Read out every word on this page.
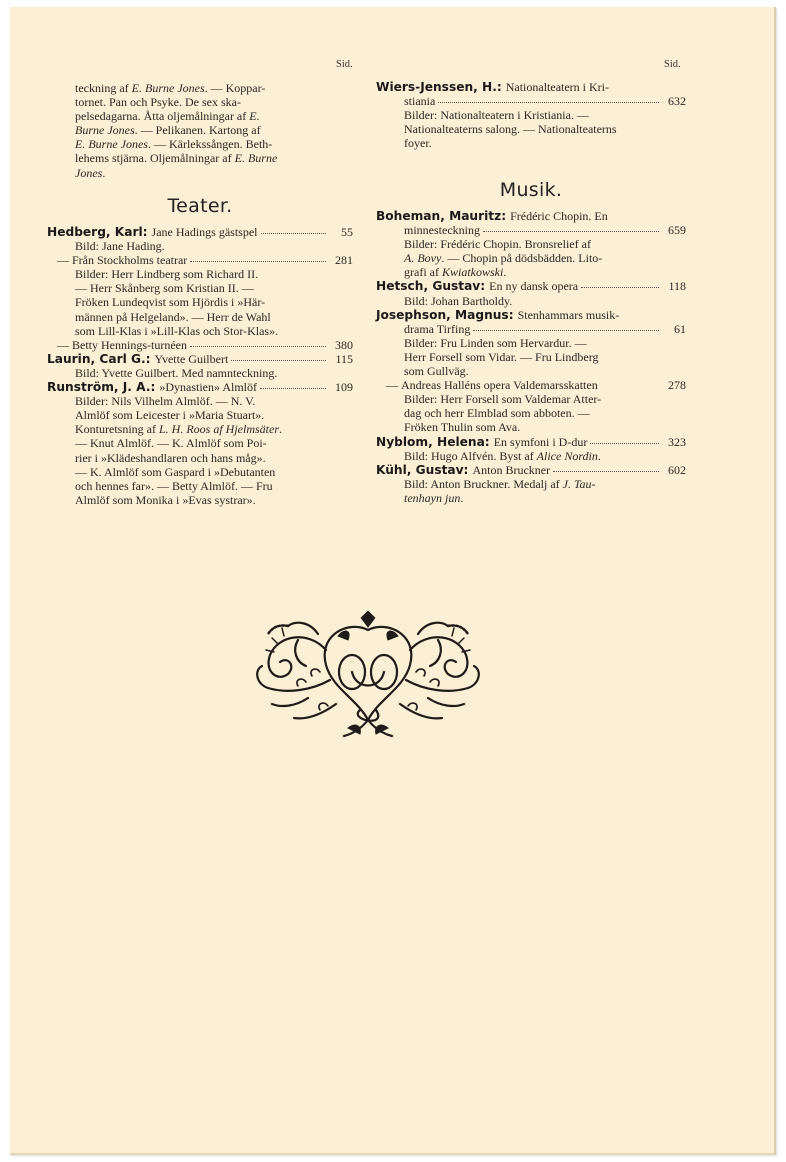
Sid.
teckning af E. Burne Jones. — Koppar-
tornet. Pan och Psyke. De sex ska-
pelsedagarna. Åtta oljemålningar af E.
Burne Jones. — Pelikanen. Kartong af
E. Burne Jones. — Kärlekssången. Beth-
lehems stjärna. Oljemålningar af E. Burne
Jones.
Teater.
Hedberg, Karl: Jane Hadings gästspel	55
Bild: Jane Hading.
—
Från Stockholms teatrar	281
Bilder: Herr Lindberg som Richard II.
— Herr Skånberg som Kristian II. —
Fröken Lundeqvist som Hjördis i »Här-
männen på Helgeland». — Herr de Wahl
som Lill-Klas i »Lill-Klas och Stor-Klas».
—
Betty Hennings-turnéen	380
Laurin, Carl G.: Yvette Guilbert	115
Bild: Yvette Guilbert. Med namnteckning.
Runström, J. A.: »Dynastien» Almlöf	109
Bilder: Nils Vilhelm Almlöf. — N. V.
Almlöf som Leicester i »Maria Stuart».
Konturetsning af L. H. Roos af Hjelmsäter.
— Knut Almlöf. — K. Almlöf som Poi-
rier i »Klädeshandlaren och hans måg».
— K. Almlöf som Gaspard i »Debutanten
och hennes far». — Betty Almlöf. — Fru
Almlöf som Monika i »Evas systrar».
Sid.
Wiers-Jenssen, H.: Nationalteatern i Kri-
stiania	632
Bilder: Nationalteatern i Kristiania. —
Nationalteaterns salong. — Nationalteaterns
foyer.
Musik.
Boheman, Mauritz: Frédéric Chopin. En
minnesteckning	659
Bilder: Frédéric Chopin. Bronsrelief af
A. Bovy. — Chopin på dödsbädden. Lito-
grafi af Kwiatkowski.
Hetsch, Gustav: En ny dansk opera	118
Bild: Johan Bartholdy.
Josephson, Magnus: Stenhammars musik-
drama Tirfing	61
Bilder: Fru Linden som Hervardur. —
Herr Forsell som Vidar. — Fru Lindberg
som Gullväg.
—
Andreas Halléns opera Valdemarsskatten	278
Bilder: Herr Forsell som Valdemar Atter-
dag och herr Elmblad som abboten. —
Fröken Thulin som Ava.
Nyblom, Helena: En symfoni i D-dur	323
Bild: Hugo Alfvén. Byst af Alice Nordin.
Kühl, Gustav: Anton Bruckner	602
Bild: Anton Bruckner. Medalj af J. Tau-
tenhayn jun.
